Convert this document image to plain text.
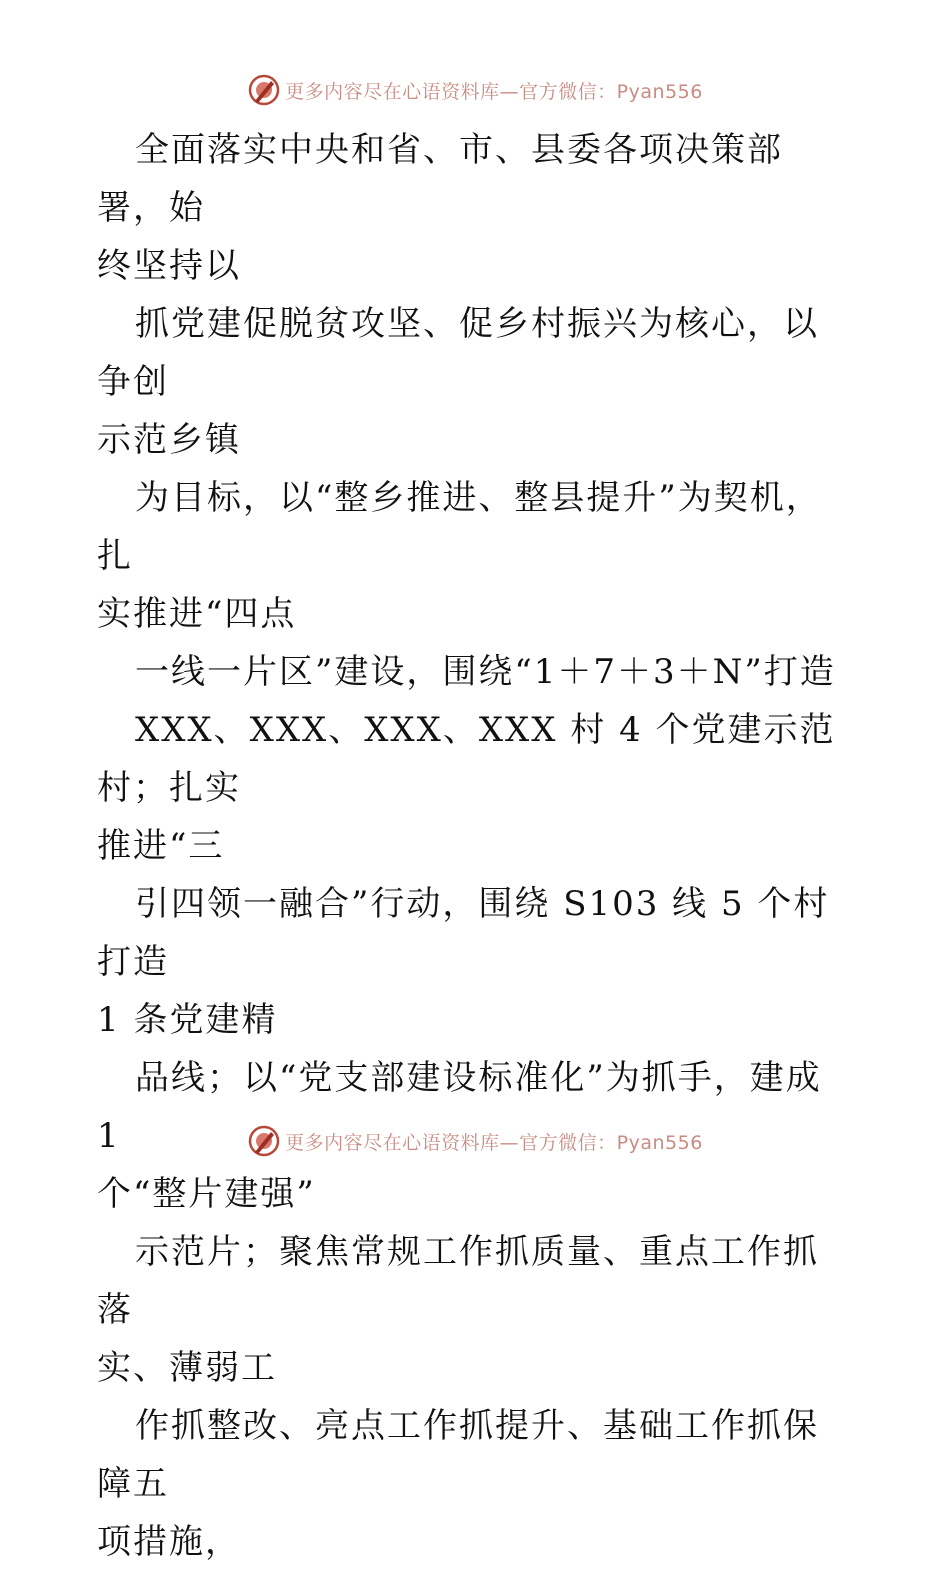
更多内容尽在心语资料库—官方微信：Pyan556

全面落实中央和省、市、县委各项决策部署，始
终坚持以

抓党建促脱贫攻坚、促乡村振兴为核心，以争创
示范乡镇

为目标，以“整乡推进、整县提升”为契机，扎
实推进“四点

一线一片区”建设，围绕“1＋7＋3＋N”打造

XXX、XXX、XXX、XXX 村 4 个党建示范村；扎实
推进“三

引四领一融合”行动，围绕 S103 线 5 个村打造
1 条党建精

品线；以“党支部建设标准化”为抓手，建成 1
个“整片建强”

示范片；聚焦常规工作抓质量、重点工作抓落
实、薄弱工

作抓整改、亮点工作抓提升、基础工作抓保障五
项措施，

更多内容尽在心语资料库—官方微信：Pyan556
